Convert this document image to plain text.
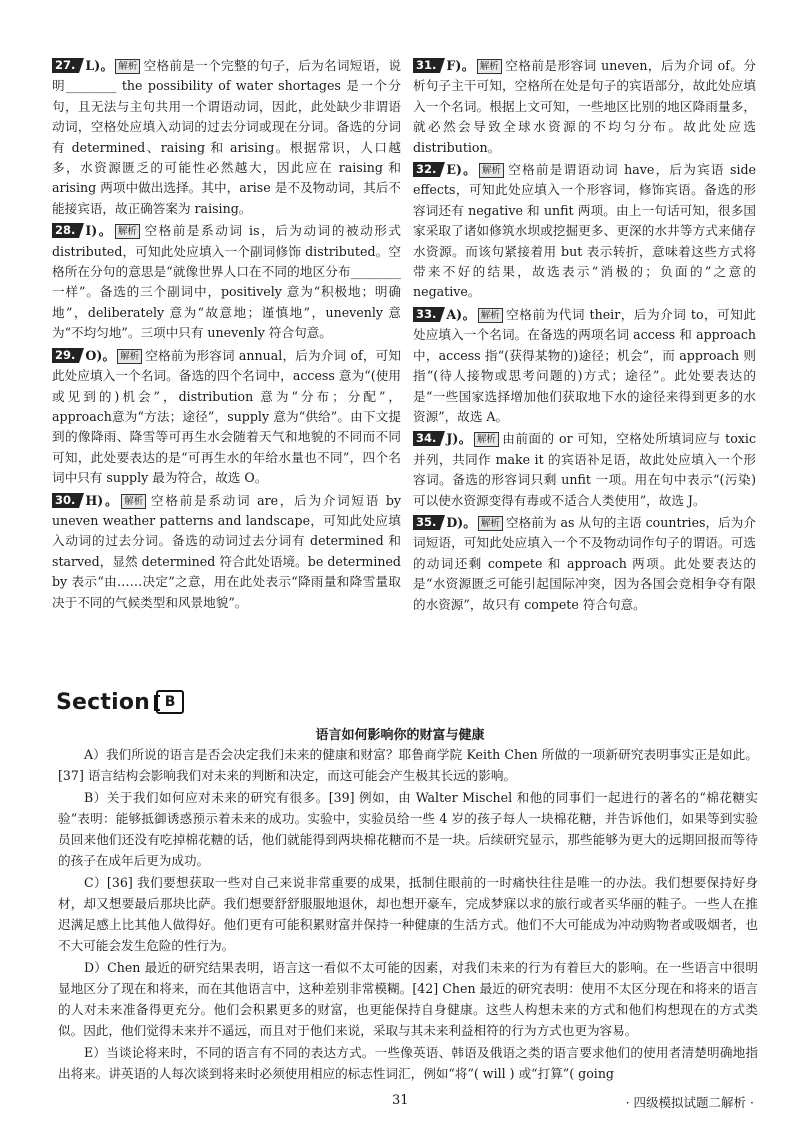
27. L)。 解析 空格前是一个完整的句子，后为名词短语，说明________ the possibility of water shortages 是一个分句，且无法与主句共用一个谓语动词，因此，此处缺少非谓语动词，空格处应填入动词的过去分词或现在分词。备选的分词有 determined、raising 和 arising。根据常识，人口越多，水资源匮乏的可能性必然越大，因此应在 raising 和 arising 两项中做出选择。其中，arise 是不及物动词，其后不能接宾语，故正确答案为 raising。
28. I)。 解析 空格前是系动词 is，后为动词的被动形式 distributed，可知此处应填入一个副词修饰 distributed。空格所在分句的意思是“就像世界人口在不同的地区分布________一样”。备选的三个副词中，positively 意为“积极地；明确地”，deliberately 意为“故意地；谨慎地”，unevenly 意为“不均匀地”。三项中只有 unevenly 符合句意。
29. O)。 解析 空格前为形容词 annual，后为介词 of，可知此处应填入一个名词。备选的四个名词中，access 意为“(使用或见到的)机会”，distribution 意为“分布；分配”，approach意为“方法；途径”，supply 意为“供给”。由下文提到的像降雨、降雪等可再生水会随着天气和地貌的不同而不同可知，此处要表达的是“可再生水的年给水量也不同”，四个名词中只有 supply 最为符合，故选 O。
30. H)。 解析 空格前是系动词 are，后为介词短语 by uneven weather patterns and landscape，可知此处应填入动词的过去分词。备选的动词过去分词有 determined 和 starved，显然 determined 符合此处语境。be determined by 表示“由……决定”之意，用在此处表示“降雨量和降雪量取决于不同的气候类型和风景地貌”。
31. F)。 解析 空格前是形容词 uneven，后为介词 of。分析句子主干可知，空格所在处是句子的宾语部分，故此处应填入一个名词。根据上文可知，一些地区比别的地区降雨量多，就必然会导致全球水资源的不均匀分布。故此处应选 distribution。
32. E)。 解析 空格前是谓语动词 have，后为宾语 side effects，可知此处应填入一个形容词，修饰宾语。备选的形容词还有 negative 和 unfit 两项。由上一句话可知，很多国家采取了诸如修筑水坝或挖掘更多、更深的水井等方式来储存水资源。而该句紧接着用 but 表示转折，意味着这些方式将带来不好的结果，故选表示“消极的；负面的”之意的 negative。
33. A)。 解析 空格前为代词 their，后为介词 to，可知此处应填入一个名词。在备选的两项名词 access 和 approach 中，access 指“(获得某物的)途径；机会”，而 approach 则指“(待人接物或思考问题的)方式；途径”。此处要表达的是“一些国家选择增加他们获取地下水的途径来得到更多的水资源”，故选 A。
34. J)。 解析 由前面的 or 可知，空格处所填词应与 toxic 并列，共同作 make it 的宾语补足语，故此处应填入一个形容词。备选的形容词只剩 unfit 一项。用在句中表示“(污染)可以使水资源变得有毒或不适合人类使用”，故选 J。
35. D)。 解析 空格前为 as 从句的主语 countries，后为介词短语，可知此处应填入一个不及物动词作句子的谓语。可选的动词还剩 compete 和 approach 两项。此处要表达的是“水资源匮乏可能引起国际冲突，因为各国会竞相争夺有限的水资源”，故只有 compete 符合句意。
Section	B
语言如何影响你的财富与健康

A）我们所说的语言是否会决定我们未来的健康和财富？耶鲁商学院 Keith Chen 所做的一项新研究表明事实正是如此。[37] 语言结构会影响我们对未来的判断和决定，而这可能会产生极其长远的影响。

B）关于我们如何应对未来的研究有很多。[39] 例如，由 Walter Mischel 和他的同事们一起进行的著名的“棉花糖实验”表明：能够抵御诱惑预示着未来的成功。实验中，实验员给一些 4 岁的孩子每人一块棉花糖，并告诉他们，如果等到实验员回来他们还没有吃掉棉花糖的话，他们就能得到两块棉花糖而不是一块。后续研究显示，那些能够为更大的远期回报而等待的孩子在成年后更为成功。

C）[36] 我们要想获取一些对自己来说非常重要的成果，抵制住眼前的一时痛快往往是唯一的办法。我们想要保持好身材，却又想要最后那块比萨。我们想要舒舒服服地退休，却也想开豪车，完成梦寐以求的旅行或者买华丽的鞋子。一些人在推迟满足感上比其他人做得好。他们更有可能积累财富并保持一种健康的生活方式。他们不大可能成为冲动购物者或吸烟者，也不大可能会发生危险的性行为。

D）Chen 最近的研究结果表明，语言这一看似不太可能的因素，对我们未来的行为有着巨大的影响。在一些语言中很明显地区分了现在和将来，而在其他语言中，这种差别非常模糊。[42] Chen 最近的研究表明：使用不太区分现在和将来的语言的人对未来准备得更充分。他们会积累更多的财富，也更能保持自身健康。这些人构想未来的方式和他们构想现在的方式类似。因此，他们觉得未来并不遥远，而且对于他们来说，采取与其未来利益相符的行为方式也更为容易。

E）当谈论将来时，不同的语言有不同的表达方式。一些像英语、韩语及俄语之类的语言要求他们的使用者清楚明确地指出将来。讲英语的人每次谈到将来时必须使用相应的标志性词汇，例如“将”( will ) 或“打算”( going

31	· 四级模拟试题二解析 ·
